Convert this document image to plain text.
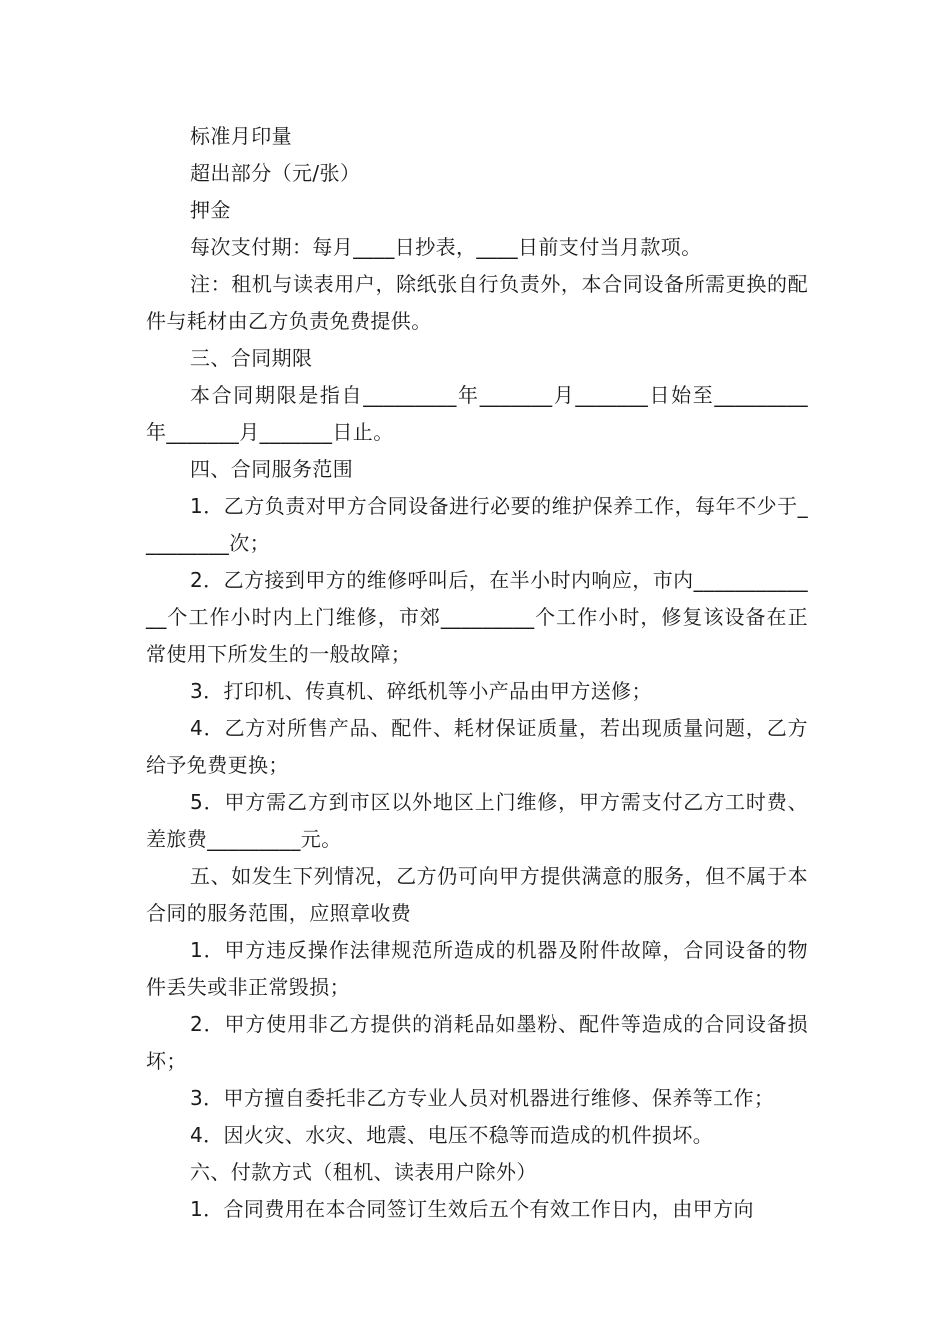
标准月印量

超出部分（元/张）

押金

每次支付期：每月____日抄表，____日前支付当月款项。

注：租机与读表用户，除纸张自行负责外，本合同设备所需更换的配件与耗材由乙方负责免费提供。

三、合同期限

本合同期限是指自_________年_______月_______日始至_________年_______月_______日止。

四、合同服务范围

1．乙方负责对甲方合同设备进行必要的维护保养工作，每年不少于_________次；

2．乙方接到甲方的维修呼叫后，在半小时内响应，市内_____________个工作小时内上门维修，市郊_________个工作小时，修复该设备在正常使用下所发生的一般故障；

3．打印机、传真机、碎纸机等小产品由甲方送修；

4．乙方对所售产品、配件、耗材保证质量，若出现质量问题，乙方给予免费更换；

5．甲方需乙方到市区以外地区上门维修，甲方需支付乙方工时费、差旅费_________元。

五、如发生下列情况，乙方仍可向甲方提供满意的服务，但不属于本合同的服务范围，应照章收费

1．甲方违反操作法律规范所造成的机器及附件故障，合同设备的物件丢失或非正常毁损；

2．甲方使用非乙方提供的消耗品如墨粉、配件等造成的合同设备损坏；

3．甲方擅自委托非乙方专业人员对机器进行维修、保养等工作；

4．因火灾、水灾、地震、电压不稳等而造成的机件损坏。

六、付款方式（租机、读表用户除外）

1．合同费用在本合同签订生效后五个有效工作日内，由甲方向
